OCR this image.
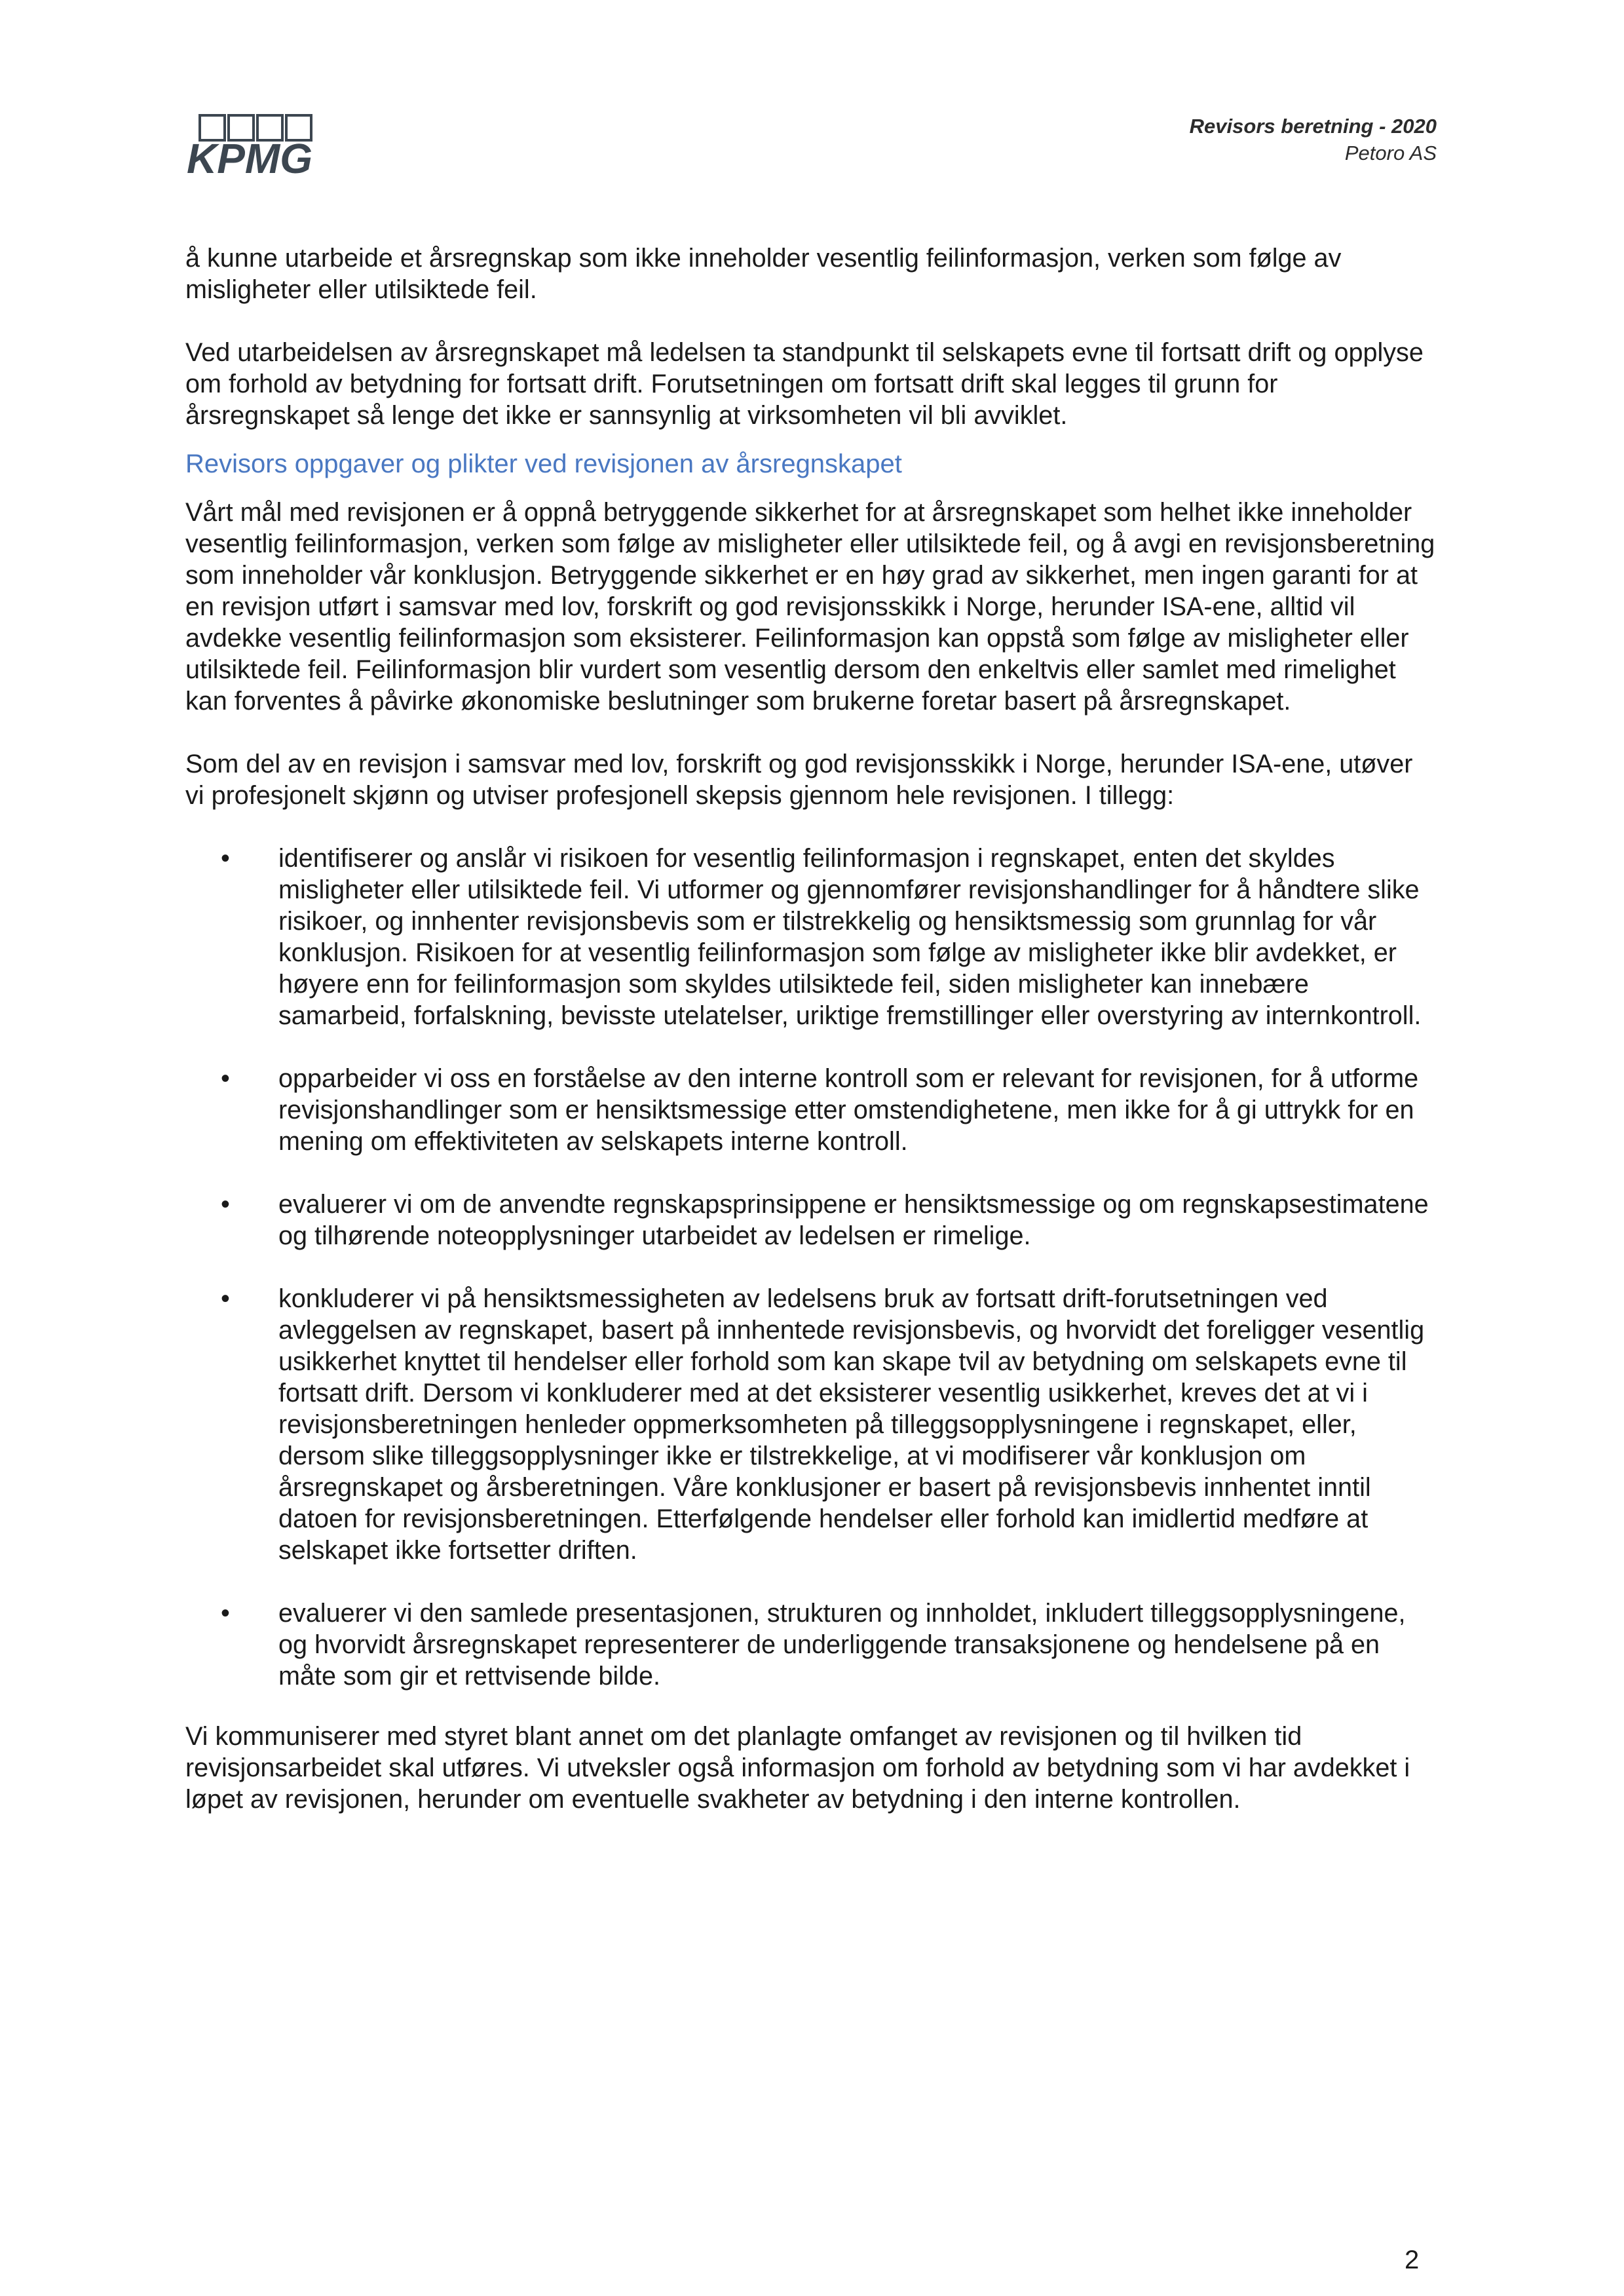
KPMG
Revisors beretning - 2020
Petoro AS

å kunne utarbeide et årsregnskap som ikke inneholder vesentlig feilinformasjon, verken som følge av misligheter eller utilsiktede feil.

Ved utarbeidelsen av årsregnskapet må ledelsen ta standpunkt til selskapets evne til fortsatt drift og opplyse om forhold av betydning for fortsatt drift. Forutsetningen om fortsatt drift skal legges til grunn for årsregnskapet så lenge det ikke er sannsynlig at virksomheten vil bli avviklet.

Revisors oppgaver og plikter ved revisjonen av årsregnskapet

Vårt mål med revisjonen er å oppnå betryggende sikkerhet for at årsregnskapet som helhet ikke inneholder vesentlig feilinformasjon, verken som følge av misligheter eller utilsiktede feil, og å avgi en revisjonsberetning som inneholder vår konklusjon. Betryggende sikkerhet er en høy grad av sikkerhet, men ingen garanti for at en revisjon utført i samsvar med lov, forskrift og god revisjonsskikk i Norge, herunder ISA-ene, alltid vil avdekke vesentlig feilinformasjon som eksisterer. Feilinformasjon kan oppstå som følge av misligheter eller utilsiktede feil. Feilinformasjon blir vurdert som vesentlig dersom den enkeltvis eller samlet med rimelighet kan forventes å påvirke økonomiske beslutninger som brukerne foretar basert på årsregnskapet.

Som del av en revisjon i samsvar med lov, forskrift og god revisjonsskikk i Norge, herunder ISA-ene, utøver vi profesjonelt skjønn og utviser profesjonell skepsis gjennom hele revisjonen. I tillegg:

• identifiserer og anslår vi risikoen for vesentlig feilinformasjon i regnskapet, enten det skyldes misligheter eller utilsiktede feil. Vi utformer og gjennomfører revisjonshandlinger for å håndtere slike risikoer, og innhenter revisjonsbevis som er tilstrekkelig og hensiktsmessig som grunnlag for vår konklusjon. Risikoen for at vesentlig feilinformasjon som følge av misligheter ikke blir avdekket, er høyere enn for feilinformasjon som skyldes utilsiktede feil, siden misligheter kan innebære samarbeid, forfalskning, bevisste utelatelser, uriktige fremstillinger eller overstyring av internkontroll.
• opparbeider vi oss en forståelse av den interne kontroll som er relevant for revisjonen, for å utforme revisjonshandlinger som er hensiktsmessige etter omstendighetene, men ikke for å gi uttrykk for en mening om effektiviteten av selskapets interne kontroll.
• evaluerer vi om de anvendte regnskapsprinsippene er hensiktsmessige og om regnskapsestimatene og tilhørende noteopplysninger utarbeidet av ledelsen er rimelige.
• konkluderer vi på hensiktsmessigheten av ledelsens bruk av fortsatt drift-forutsetningen ved avleggelsen av regnskapet, basert på innhentede revisjonsbevis, og hvorvidt det foreligger vesentlig usikkerhet knyttet til hendelser eller forhold som kan skape tvil av betydning om selskapets evne til fortsatt drift. Dersom vi konkluderer med at det eksisterer vesentlig usikkerhet, kreves det at vi i revisjonsberetningen henleder oppmerksomheten på tilleggsopplysningene i regnskapet, eller, dersom slike tilleggsopplysninger ikke er tilstrekkelige, at vi modifiserer vår konklusjon om årsregnskapet og årsberetningen. Våre konklusjoner er basert på revisjonsbevis innhentet inntil datoen for revisjonsberetningen. Etterfølgende hendelser eller forhold kan imidlertid medføre at selskapet ikke fortsetter driften.
• evaluerer vi den samlede presentasjonen, strukturen og innholdet, inkludert tilleggsopplysningene, og hvorvidt årsregnskapet representerer de underliggende transaksjonene og hendelsene på en måte som gir et rettvisende bilde.

Vi kommuniserer med styret blant annet om det planlagte omfanget av revisjonen og til hvilken tid revisjonsarbeidet skal utføres. Vi utveksler også informasjon om forhold av betydning som vi har avdekket i løpet av revisjonen, herunder om eventuelle svakheter av betydning i den interne kontrollen.

2
